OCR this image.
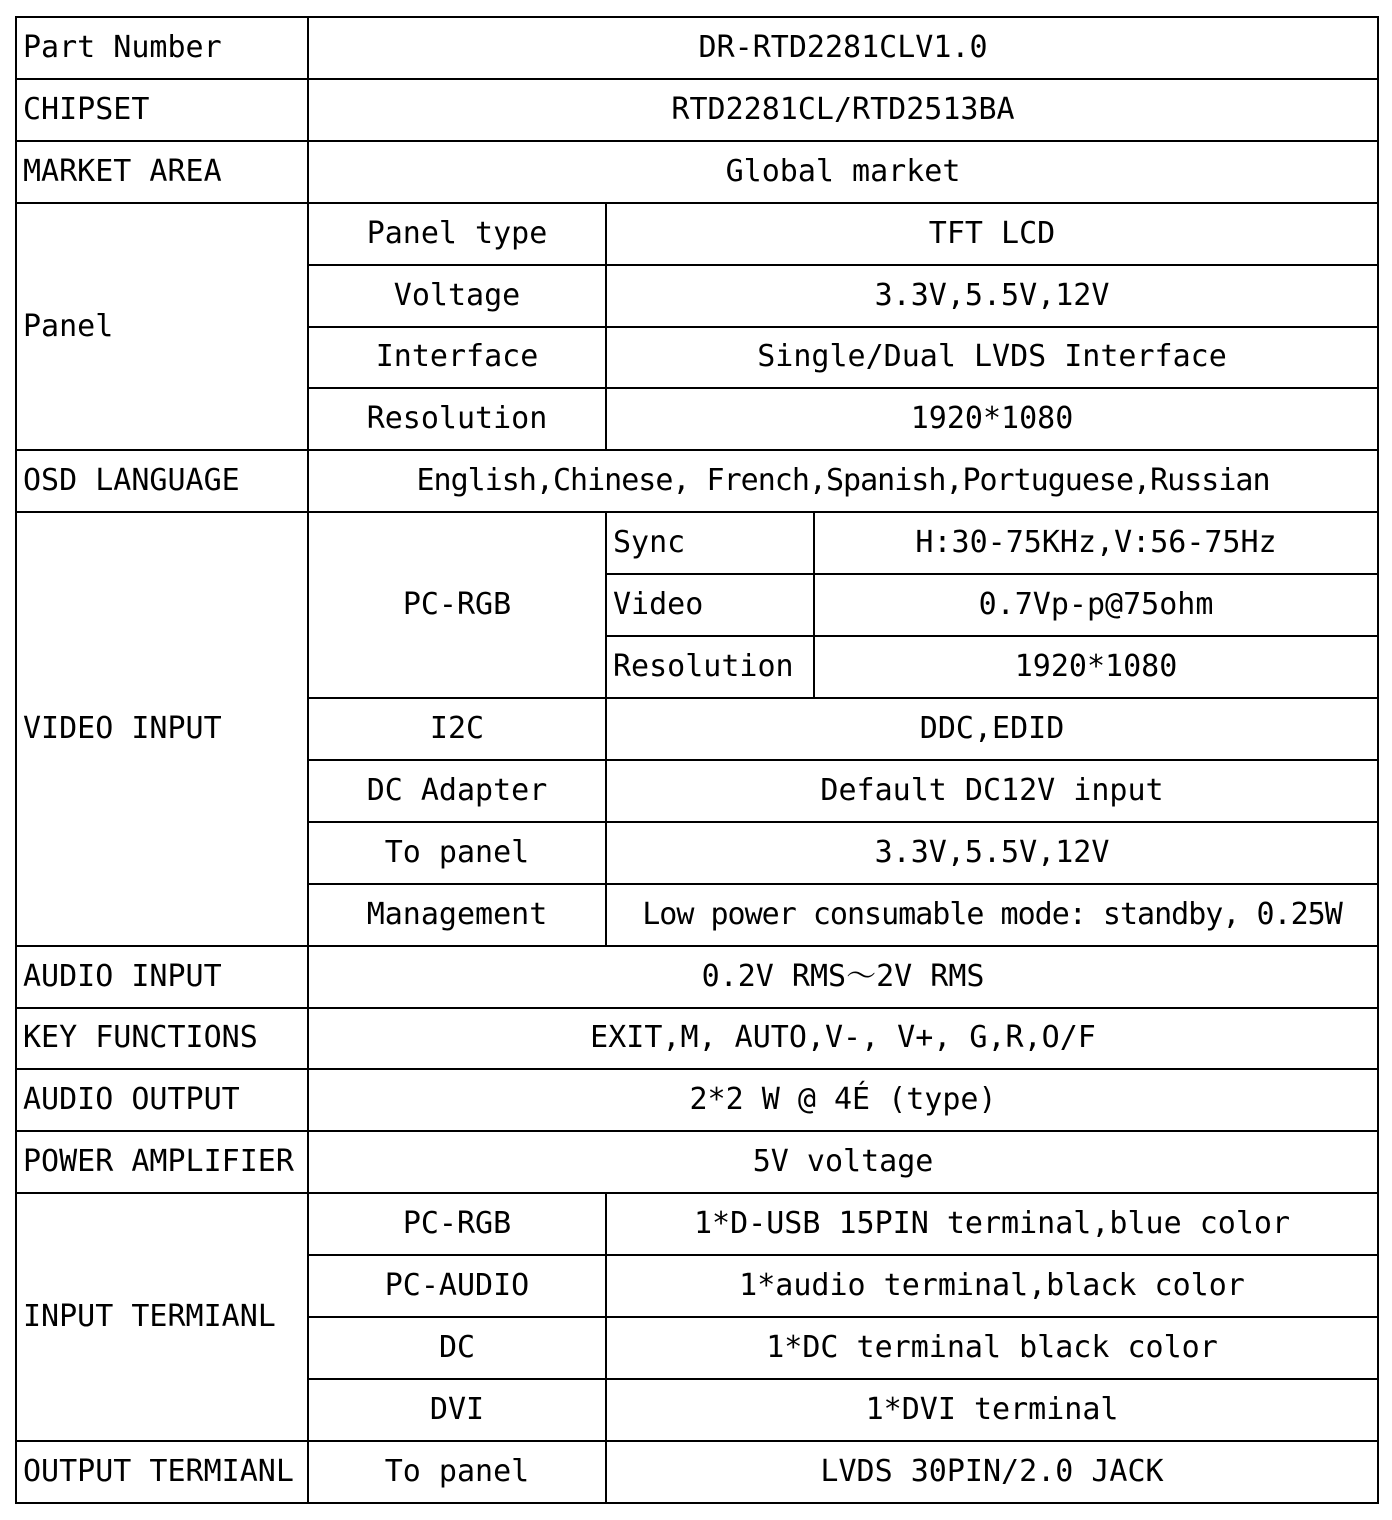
Part Number	DR-RTD2281CLV1.0		
CHIPSET	RTD2281CL/RTD2513BA		
MARKET AREA	Global market		
Panel	Panel type	TFT LCD	
	Voltage	3.3V,5.5V,12V	
	Interface	Single/Dual LVDS Interface	
	Resolution	1920*1080	
OSD LANGUAGE	English,Chinese, French,Spanish,Portuguese,Russian		
VIDEO INPUT	PC-RGB	Sync	H:30-75KHz,V:56-75Hz
		Video	0.7Vp-p@75ohm
		Resolution	1920*1080
	I2C	DDC,EDID	
	DC Adapter	Default DC12V input	
	To panel	3.3V,5.5V,12V	
	Management	Low power consumable mode: standby, 0.25W	
AUDIO INPUT	0.2V RMS～2V RMS		
KEY FUNCTIONS	EXIT,M, AUTO,V-, V+, G,R,O/F		
AUDIO OUTPUT	2*2 W @ 4É (type)		
POWER AMPLIFIER	5V voltage		
INPUT TERMIANL	PC-RGB	1*D-USB 15PIN terminal,blue color	
	PC-AUDIO	1*audio terminal,black color	
	DC	1*DC terminal black color	
	DVI	1*DVI terminal	
OUTPUT TERMIANL	To panel	LVDS 30PIN/2.0 JACK	
